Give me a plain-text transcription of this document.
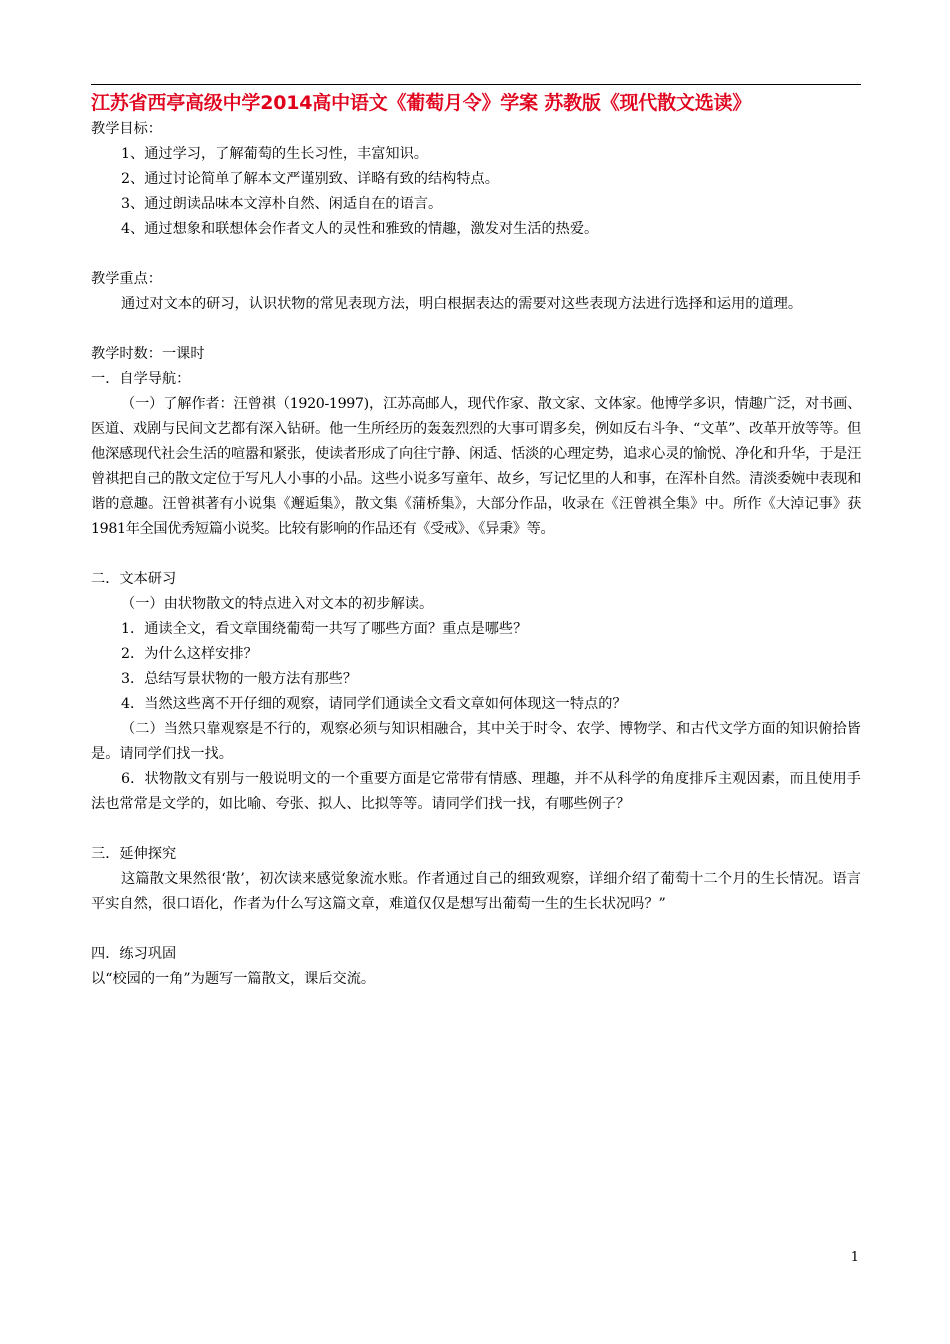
江苏省西亭高级中学2014高中语文《葡萄月令》学案 苏教版《现代散文选读》

教学目标：

1、通过学习，了解葡萄的生长习性，丰富知识。

2、通过讨论简单了解本文严谨别致、详略有致的结构特点。

3、通过朗读品味本文淳朴自然、闲适自在的语言。

4、通过想象和联想体会作者文人的灵性和雅致的情趣，激发对生活的热爱。

教学重点：

通过对文本的研习，认识状物的常见表现方法，明白根据表达的需要对这些表现方法进行选择和运用的道理。

教学时数：一课时

一．自学导航：

（一）了解作者：汪曾祺（1920-1997)，江苏高邮人，现代作家、散文家、文体家。他博学多识，情趣广泛，对书画、医道、戏剧与民间文艺都有深入钻研。他一生所经历的轰轰烈烈的大事可谓多矣，例如反右斗争、“文革”、改革开放等等。但他深感现代社会生活的喧嚣和紧张，使读者形成了向往宁静、闲适、恬淡的心理定势，追求心灵的愉悦、净化和升华，于是汪曾祺把自己的散文定位于写凡人小事的小品。这些小说多写童年、故乡，写记忆里的人和事，在浑朴自然。清淡委婉中表现和谐的意趣。汪曾祺著有小说集《邂逅集》，散文集《蒲桥集》，大部分作品，收录在《汪曾祺全集》中。所作《大淖记事》获1981年全国优秀短篇小说奖。比较有影响的作品还有《受戒》、《异秉》等。

二．文本研习

（一）由状物散文的特点进入对文本的初步解读。

1．通读全文，看文章围绕葡萄一共写了哪些方面？重点是哪些？

2．为什么这样安排？

3．总结写景状物的一般方法有那些？

4．当然这些离不开仔细的观察，请同学们通读全文看文章如何体现这一特点的？

（二）当然只靠观察是不行的，观察必须与知识相融合，其中关于时令、农学、博物学、和古代文学方面的知识俯拾皆是。请同学们找一找。

6．状物散文有别与一般说明文的一个重要方面是它常带有情感、理趣，并不从科学的角度排斥主观因素，而且使用手法也常常是文学的，如比喻、夸张、拟人、比拟等等。请同学们找一找，有哪些例子？

三．延伸探究

这篇散文果然很‘散’，初次读来感觉象流水账。作者通过自己的细致观察，详细介绍了葡萄十二个月的生长情况。语言平实自然，很口语化，作者为什么写这篇文章，难道仅仅是想写出葡萄一生的生长状况吗？”

四．练习巩固

以“校园的一角”为题写一篇散文，课后交流。

1
